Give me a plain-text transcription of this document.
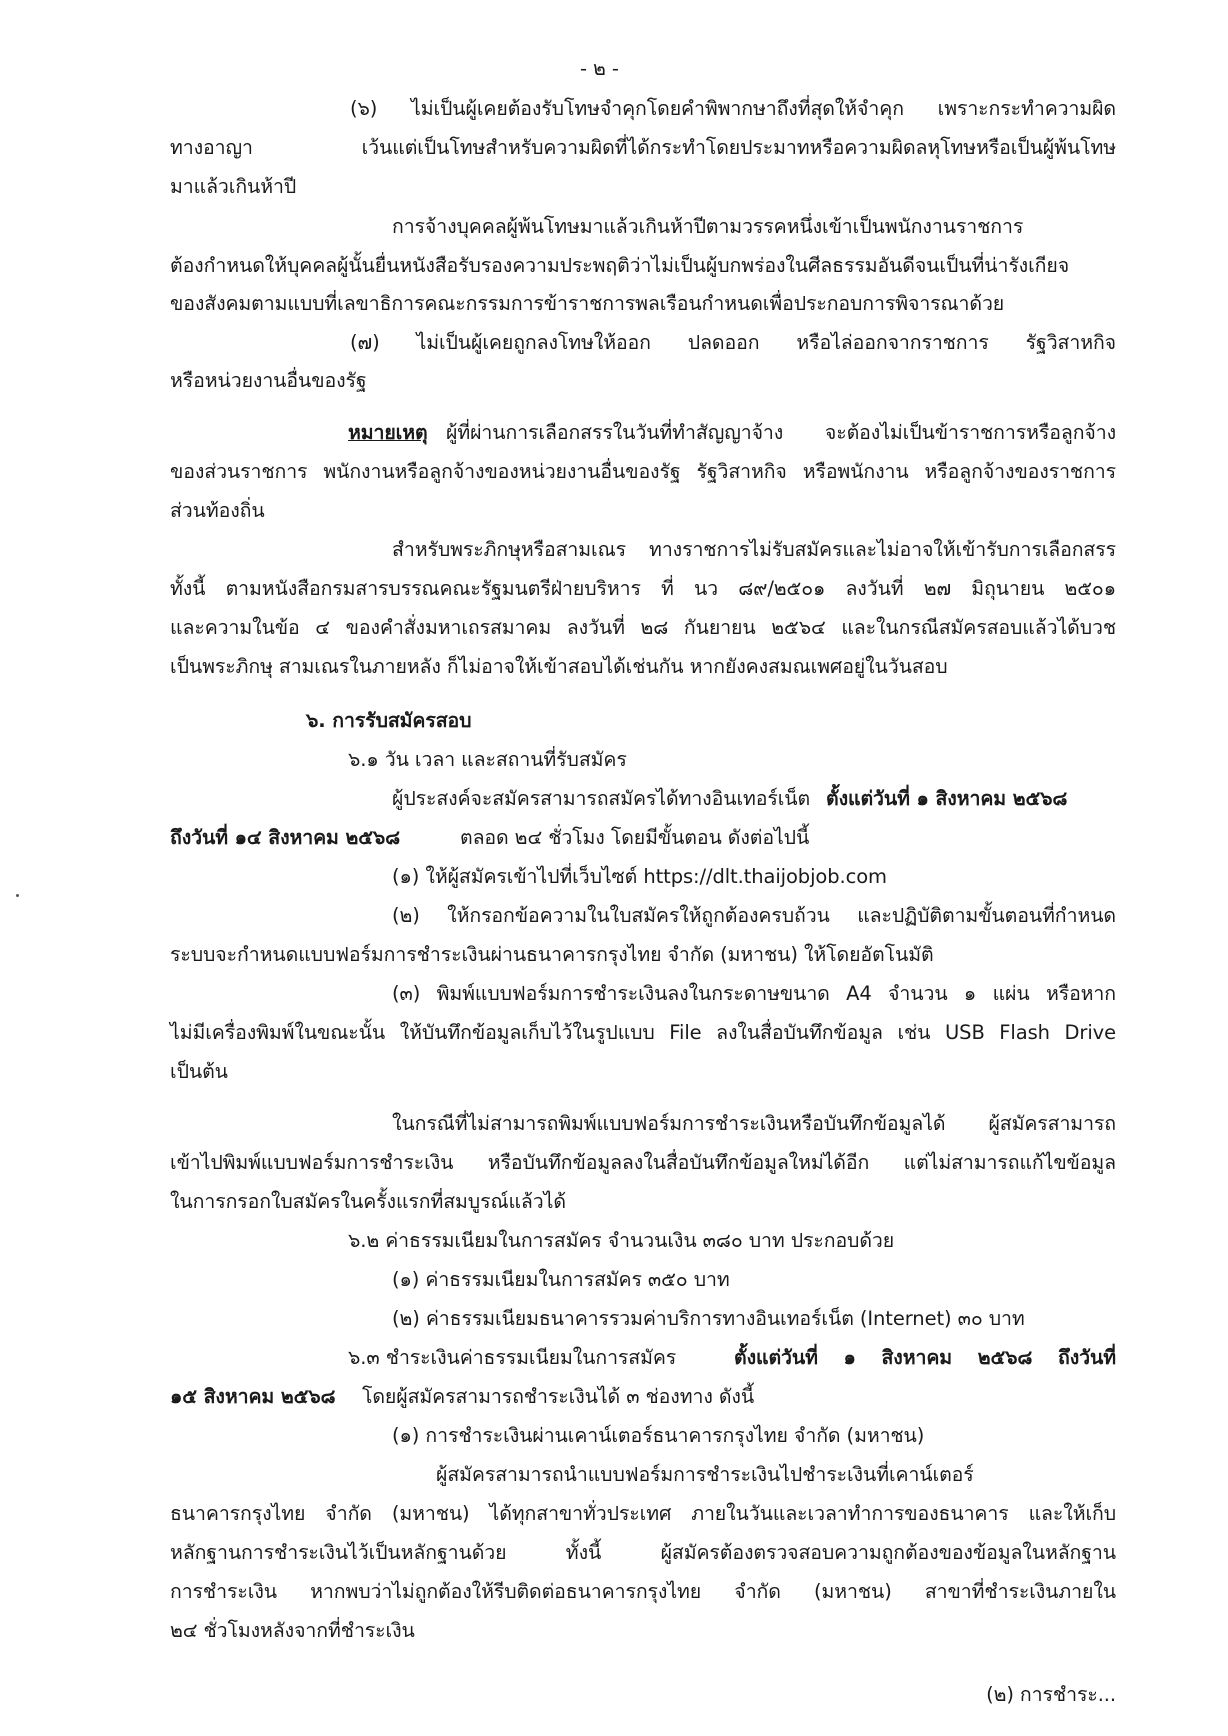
- ๒ -
(๖) ไม่เป็นผู้เคยต้องรับโทษจำคุกโดยคำพิพากษาถึงที่สุดให้จำคุก เพราะกระทำความผิด
ทางอาญา เว้นแต่เป็นโทษสำหรับความผิดที่ได้กระทำโดยประมาทหรือความผิดลหุโทษหรือเป็นผู้พ้นโทษ
มาแล้วเกินห้าปี
การจ้างบุคคลผู้พ้นโทษมาแล้วเกินห้าปีตามวรรคหนึ่งเข้าเป็นพนักงานราชการ
ต้องกำหนดให้บุคคลผู้นั้นยื่นหนังสือรับรองความประพฤติว่าไม่เป็นผู้บกพร่องในศีลธรรมอันดีจนเป็นที่น่ารังเกียจ
ของสังคมตามแบบที่เลขาธิการคณะกรรมการข้าราชการพลเรือนกำหนดเพื่อประกอบการพิจารณาด้วย
(๗) ไม่เป็นผู้เคยถูกลงโทษให้ออก ปลดออก หรือไล่ออกจากราชการ รัฐวิสาหกิจ
หรือหน่วยงานอื่นของรัฐ
หมายเหตุ ผู้ที่ผ่านการเลือกสรรในวันที่ทำสัญญาจ้าง จะต้องไม่เป็นข้าราชการหรือลูกจ้าง
ของส่วนราชการ พนักงานหรือลูกจ้างของหน่วยงานอื่นของรัฐ รัฐวิสาหกิจ หรือพนักงาน หรือลูกจ้างของราชการ
ส่วนท้องถิ่น
สำหรับพระภิกษุหรือสามเณร ทางราชการไม่รับสมัครและไม่อาจให้เข้ารับการเลือกสรร
ทั้งนี้ ตามหนังสือกรมสารบรรณคณะรัฐมนตรีฝ่ายบริหาร ที่ นว ๘๙/๒๕๐๑ ลงวันที่ ๒๗ มิถุนายน ๒๕๐๑
และความในข้อ ๔ ของคำสั่งมหาเถรสมาคม ลงวันที่ ๒๘ กันยายน ๒๕๖๔ และในกรณีสมัครสอบแล้วได้บวช
เป็นพระภิกษุ สามเณรในภายหลัง ก็ไม่อาจให้เข้าสอบได้เช่นกัน หากยังคงสมณเพศอยู่ในวันสอบ
๖. การรับสมัครสอบ
๖.๑ วัน เวลา และสถานที่รับสมัคร
ผู้ประสงค์จะสมัครสามารถสมัครได้ทางอินเทอร์เน็ต ตั้งแต่วันที่ ๑ สิงหาคม ๒๕๖๘
ถึงวันที่ ๑๔ สิงหาคม ๒๕๖๘	ตลอด ๒๔ ชั่วโมง โดยมีขั้นตอน ดังต่อไปนี้
(๑) ให้ผู้สมัครเข้าไปที่เว็บไซต์ https://dlt.thaijobjob.com
(๒) ให้กรอกข้อความในใบสมัครให้ถูกต้องครบถ้วน และปฏิบัติตามขั้นตอนที่กำหนด
ระบบจะกำหนดแบบฟอร์มการชำระเงินผ่านธนาคารกรุงไทย จำกัด (มหาชน) ให้โดยอัตโนมัติ
(๓) พิมพ์แบบฟอร์มการชำระเงินลงในกระดาษขนาด A4 จำนวน ๑ แผ่น หรือหาก
ไม่มีเครื่องพิมพ์ในขณะนั้น ให้บันทึกข้อมูลเก็บไว้ในรูปแบบ File ลงในสื่อบันทึกข้อมูล เช่น USB Flash Drive
เป็นต้น
ในกรณีที่ไม่สามารถพิมพ์แบบฟอร์มการชำระเงินหรือบันทึกข้อมูลได้ ผู้สมัครสามารถ
เข้าไปพิมพ์แบบฟอร์มการชำระเงิน หรือบันทึกข้อมูลลงในสื่อบันทึกข้อมูลใหม่ได้อีก แต่ไม่สามารถแก้ไขข้อมูล
ในการกรอกใบสมัครในครั้งแรกที่สมบูรณ์แล้วได้
๖.๒ ค่าธรรมเนียมในการสมัคร จำนวนเงิน ๓๘๐ บาท ประกอบด้วย
(๑) ค่าธรรมเนียมในการสมัคร ๓๕๐ บาท
(๒) ค่าธรรมเนียมธนาคารรวมค่าบริการทางอินเทอร์เน็ต (Internet) ๓๐ บาท
๖.๓ ชำระเงินค่าธรรมเนียมในการสมัคร	ตั้งแต่วันที่ ๑ สิงหาคม ๒๕๖๘ ถึงวันที่
๑๕ สิงหาคม ๒๕๖๘ โดยผู้สมัครสามารถชำระเงินได้ ๓ ช่องทาง ดังนี้
(๑) การชำระเงินผ่านเคาน์เตอร์ธนาคารกรุงไทย จำกัด (มหาชน)
ผู้สมัครสามารถนำแบบฟอร์มการชำระเงินไปชำระเงินที่เคาน์เตอร์
ธนาคารกรุงไทย จำกัด (มหาชน) ได้ทุกสาขาทั่วประเทศ ภายในวันและเวลาทำการของธนาคาร และให้เก็บ
หลักฐานการชำระเงินไว้เป็นหลักฐานด้วย ทั้งนี้ ผู้สมัครต้องตรวจสอบความถูกต้องของข้อมูลในหลักฐาน
การชำระเงิน หากพบว่าไม่ถูกต้องให้รีบติดต่อธนาคารกรุงไทย จำกัด (มหาชน) สาขาที่ชำระเงินภายใน
๒๔ ชั่วโมงหลังจากที่ชำระเงิน
(๒) การชำระ...
